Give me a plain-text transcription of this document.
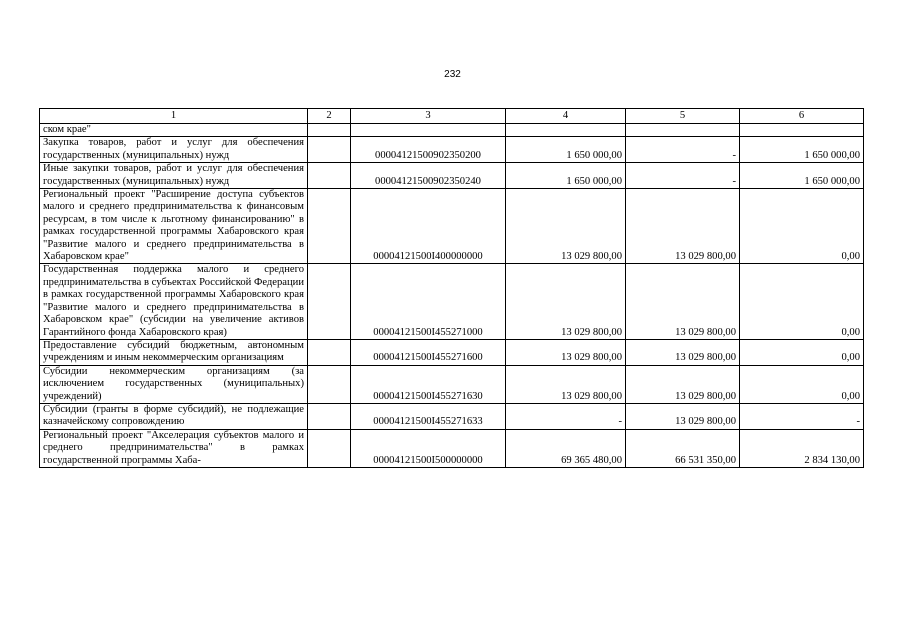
232
1	2	3	4	5	6
ском крае"					
Закупка товаров, работ и услуг для обеспечения государственных (муниципальных) нужд		00004121500902350200	1 650 000,00	-	1 650 000,00
Иные закупки товаров, работ и услуг для обеспечения государственных (муниципальных) нужд		00004121500902350240	1 650 000,00	-	1 650 000,00
Региональный проект "Расширение доступа субъектов малого и среднего предпринимательства к финансовым ресурсам, в том числе к льготному финансированию" в рамках государственной программы Хабаровского края "Развитие малого и среднего предпринимательства в Хабаровском крае"		00004121500I400000000	13 029 800,00	13 029 800,00	0,00
Государственная поддержка малого и среднего предпринимательства в субъектах Российской Федерации в рамках государственной программы Хабаровского края "Развитие малого и среднего предпринимательства в Хабаровском крае" (субсидии на увеличение активов Гарантийного фонда Хабаровского края)		00004121500I455271000	13 029 800,00	13 029 800,00	0,00
Предоставление субсидий бюджетным, автономным учреждениям и иным некоммерческим организациям		00004121500I455271600	13 029 800,00	13 029 800,00	0,00
Субсидии некоммерческим организациям (за исключением государственных (муниципальных) учреждений)		00004121500I455271630	13 029 800,00	13 029 800,00	0,00
Субсидии (гранты в форме субсидий), не подлежащие казначейскому сопровождению		00004121500I455271633	-	13 029 800,00	-
Региональный проект "Акселерация субъектов малого и среднего предпринимательства" в рамках государственной программы Хаба-		00004121500I500000000	69 365 480,00	66 531 350,00	2 834 130,00
